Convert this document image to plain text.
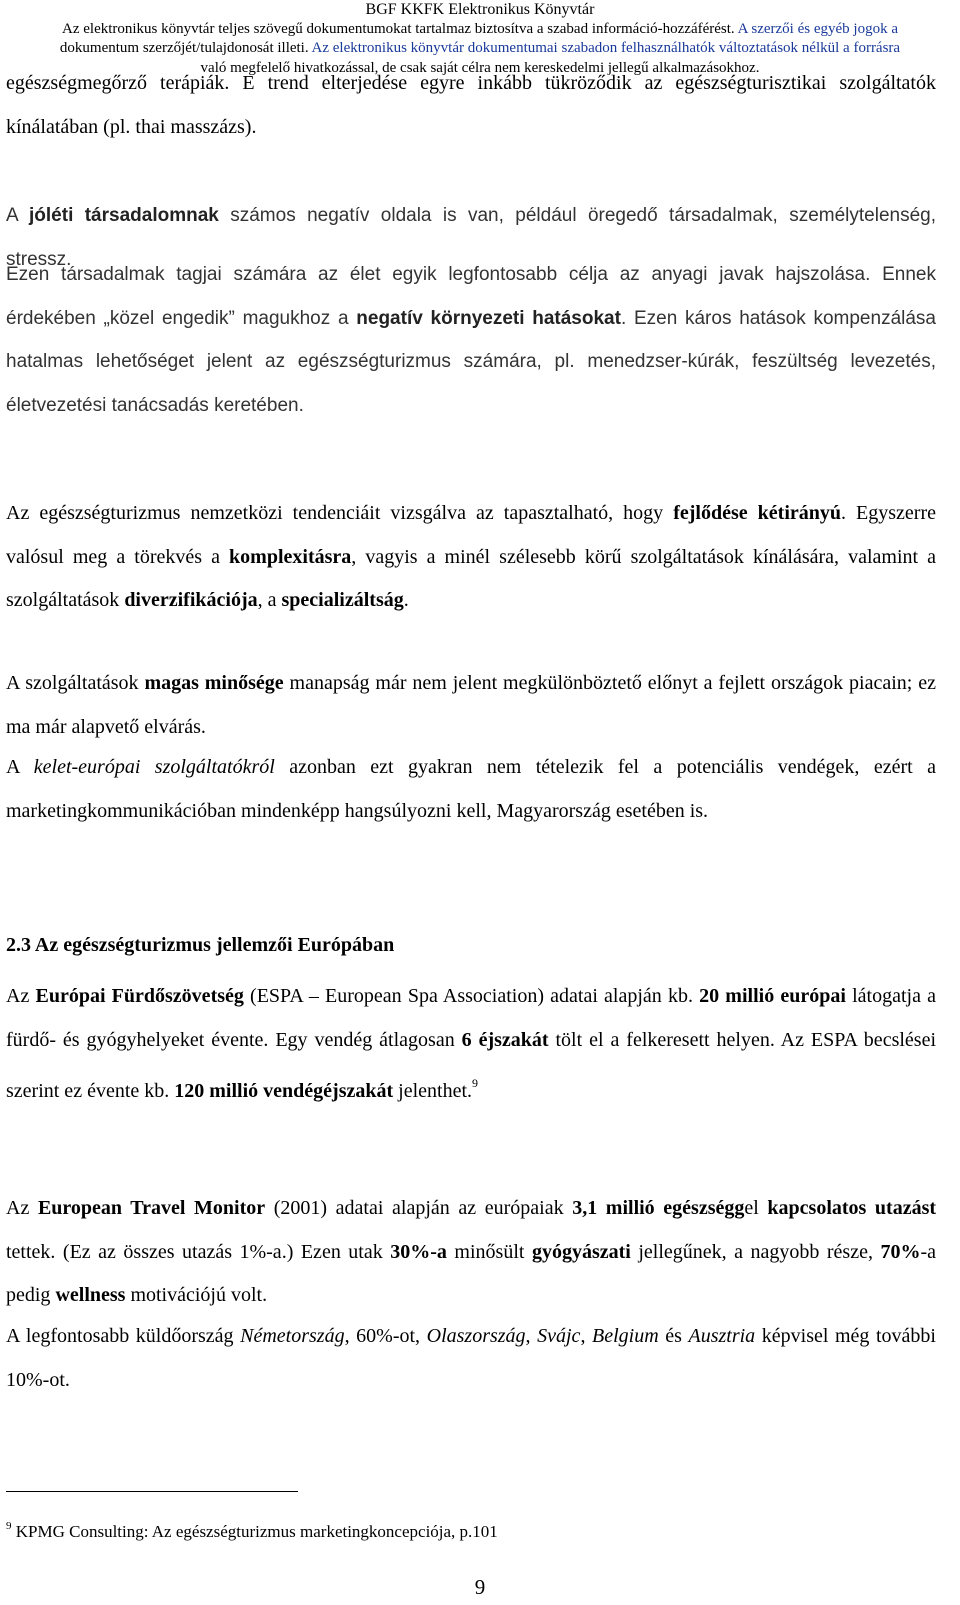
BGF KKFK Elektronikus Könyvtár
Az elektronikus könyvtár teljes szövegű dokumentumokat tartalmaz biztosítva a szabad információ-hozzáférést. A szerzői és egyéb jogok a
dokumentum szerzőjét/tulajdonosát illeti. Az elektronikus könyvtár dokumentumai szabadon felhasználhatók változtatások nélkül a forrásra
való megfelelő hivatkozással, de csak saját célra nem kereskedelmi jellegű alkalmazásokhoz.
egészségmegőrző terápiák. E trend elterjedése egyre inkább tükröződik az egészségturisztikai szolgáltatók kínálatában (pl. thai masszázs).
A jóléti társadalomnak számos negatív oldala is van, például öregedő társadalmak, személytelenség, stressz.
Ezen társadalmak tagjai számára az élet egyik legfontosabb célja az anyagi javak hajszolása. Ennek érdekében „közel engedik” magukhoz a negatív környezeti hatásokat. Ezen káros hatások kompenzálása hatalmas lehetőséget jelent az egészségturizmus számára, pl. menedzser-kúrák, feszültség levezetés, életvezetési tanácsadás keretében.
Az egészségturizmus nemzetközi tendenciáit vizsgálva az tapasztalható, hogy fejlődése kétirányú. Egyszerre valósul meg a törekvés a komplexitásra, vagyis a minél szélesebb körű szolgáltatások kínálására, valamint a szolgáltatások diverzifikációja, a specializáltság.
A szolgáltatások magas minősége manapság már nem jelent megkülönböztető előnyt a fejlett országok piacain; ez ma már alapvető elvárás.
A kelet-európai szolgáltatókról azonban ezt gyakran nem tételezik fel a potenciális vendégek, ezért a marketingkommunikációban mindenképp hangsúlyozni kell, Magyarország esetében is.
2.3 Az egészségturizmus jellemzői Európában
Az Európai Fürdőszövetség (ESPA – European Spa Association) adatai alapján kb. 20 millió európai látogatja a fürdő- és gyógyhelyeket évente. Egy vendég átlagosan 6 éjszakát tölt el a felkeresett helyen. Az ESPA becslései szerint ez évente kb. 120 millió vendégéjszakát jelenthet.$^9$
Az European Travel Monitor (2001) adatai alapján az európaiak 3,1 millió egészséggel kapcsolatos utazást tettek. (Ez az összes utazás 1%-a.) Ezen utak 30%-a minősült gyógyászati jellegűnek, a nagyobb része, 70%-a pedig wellness motivációjú volt.
A legfontosabb küldőország Németország, 60%-ot, Olaszország, Svájc, Belgium és Ausztria képvisel még további 10%-ot.
$^9$ KPMG Consulting: Az egészségturizmus marketingkoncepciója, p.101
9
